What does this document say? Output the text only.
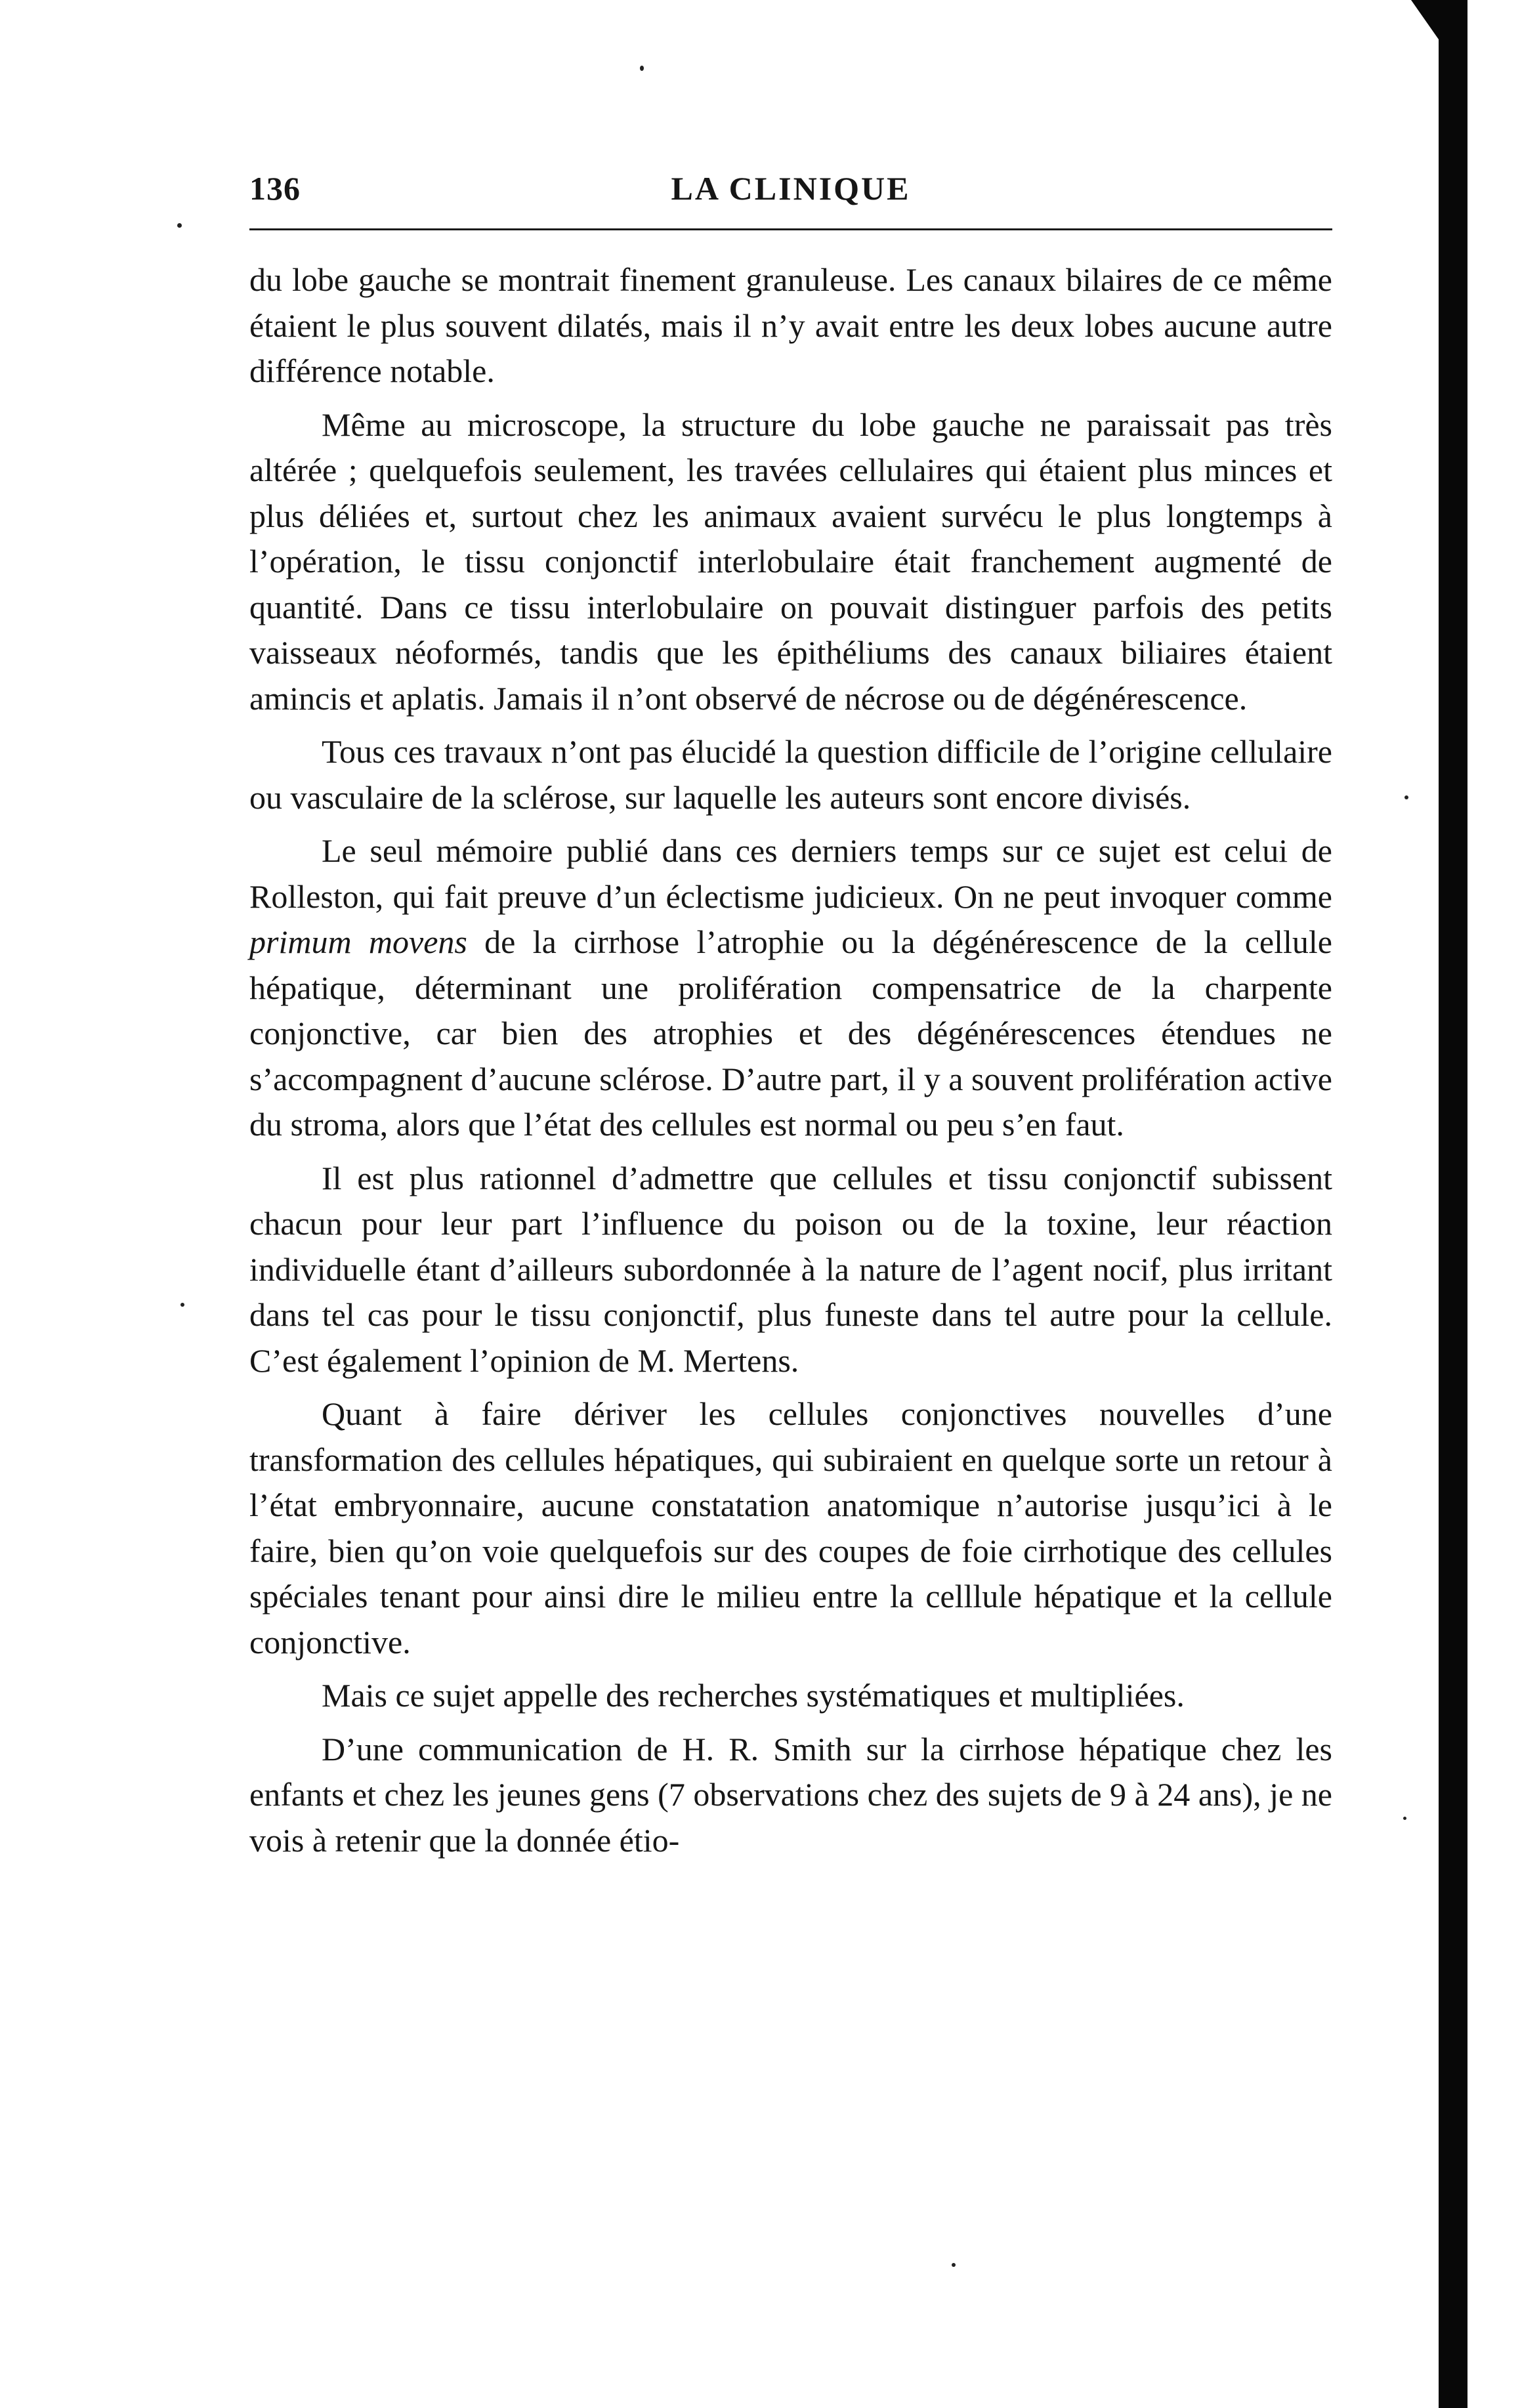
136	LA CLINIQUE

du lobe gauche se montrait finement granuleuse. Les canaux bilaires de ce même étaient le plus souvent dilatés, mais il n’y avait entre les deux lobes aucune autre différence notable.

Même au microscope, la structure du lobe gauche ne paraissait pas très altérée ; quelquefois seulement, les travées cellulaires qui étaient plus minces et plus déliées et, surtout chez les animaux avaient survécu le plus longtemps à l’opération, le tissu conjonctif interlobulaire était franchement augmenté de quantité. Dans ce tissu interlobulaire on pouvait distinguer parfois des petits vaisseaux néoformés, tandis que les épithéliums des canaux biliaires étaient amincis et aplatis. Jamais il n’ont observé de nécrose ou de dégénérescence.

Tous ces travaux n’ont pas élucidé la question difficile de l’origine cellulaire ou vasculaire de la sclérose, sur laquelle les auteurs sont encore divisés.

Le seul mémoire publié dans ces derniers temps sur ce sujet est celui de Rolleston, qui fait preuve d’un éclectisme judicieux. On ne peut invoquer comme primum movens de la cirrhose l’atrophie ou la dégénérescence de la cellule hépatique, déterminant une prolifération compensatrice de la charpente conjonctive, car bien des atrophies et des dégénérescences étendues ne s’accompagnent d’aucune sclérose. D’autre part, il y a souvent prolifération active du stroma, alors que l’état des cellules est normal ou peu s’en faut.

Il est plus rationnel d’admettre que cellules et tissu conjonctif subissent chacun pour leur part l’influence du poison ou de la toxine, leur réaction individuelle étant d’ailleurs subordonnée à la nature de l’agent nocif, plus irritant dans tel cas pour le tissu conjonctif, plus funeste dans tel autre pour la cellule. C’est également l’opinion de M. Mertens.

Quant à faire dériver les cellules conjonctives nouvelles d’une transformation des cellules hépatiques, qui subiraient en quelque sorte un retour à l’état embryonnaire, aucune constatation anatomique n’autorise jusqu’ici à le faire, bien qu’on voie quelquefois sur des coupes de foie cirrhotique des cellules spéciales tenant pour ainsi dire le milieu entre la celllule hépatique et la cellule conjonctive.

Mais ce sujet appelle des recherches systématiques et multipliées.

D’une communication de H. R. Smith sur la cirrhose hépatique chez les enfants et chez les jeunes gens (7 observations chez des sujets de 9 à 24 ans), je ne vois à retenir que la donnée étio-
